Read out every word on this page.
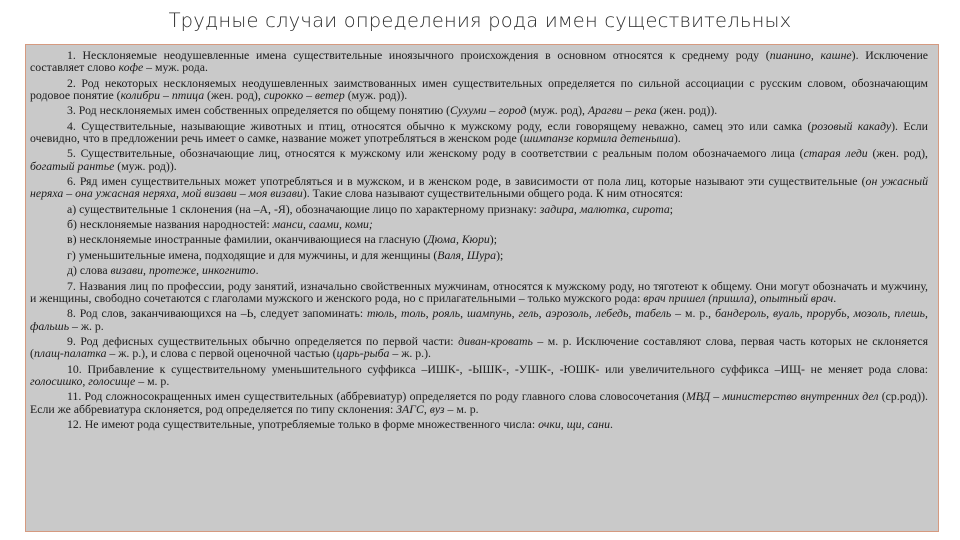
Трудные случаи определения рода имен существительных

1. Несклоняемые неодушевленные имена существительные иноязычного происхождения в основном относятся к среднему роду (пианино, кашне). Исключение составляет слово кофе – муж. рода.

2. Род некоторых несклоняемых неодушевленных заимствованных имен существительных определяется по сильной ассоциации с русским словом, обозначающим родовое понятие (колибри – птица (жен. род), сирокко – ветер (муж. род)).

3. Род несклоняемых имен собственных определяется по общему понятию (Сухуми – город (муж. род), Арагви – река (жен. род)).

4. Существительные, называющие животных и птиц, относятся обычно к мужскому роду, если говорящему неважно, самец это или самка (розовый какаду). Если очевидно, что в предложении речь имеет о самке, название может употребляться в женском роде (шимпанзе кормила детеныша).

5. Существительные, обозначающие лиц, относятся к мужскому или женскому роду в соответствии с реальным полом обозначаемого лица (старая леди (жен. род), богатый рантье (муж. род)).

6. Ряд имен существительных может употребляться и в мужском, и в женском роде, в зависимости от пола лиц, которые называют эти существительные (он ужасный неряха – она ужасная неряха, мой визави – моя визави). Такие слова называют существительными общего рода. К ним относятся:

а) существительные 1 склонения (на –А, -Я), обозначающие лицо по характерному признаку: задира, малютка, сирота;

б) несклоняемые названия народностей: манси, саами, коми;

в) несклоняемые иностранные фамилии, оканчивающиеся на гласную (Дюма, Кюри);

г) уменьшительные имена, подходящие и для мужчины, и для женщины (Валя, Шура);

д) слова визави, протеже, инкогнито.

7. Названия лиц по профессии, роду занятий, изначально свойственных мужчинам, относятся к мужскому роду, но тяготеют к общему. Они могут обозначать и мужчину, и женщины, свободно сочетаются с глаголами мужского и женского рода, но с прилагательными – только мужского рода: врач пришел (пришла), опытный врач.

8. Род слов, заканчивающихся на –Ь, следует запоминать: тюль, толь, рояль, шампунь, гель, аэрозоль, лебедь, табель – м. р., бандероль, вуаль, прорубь, мозоль, плешь, фальшь – ж. р.

9. Род дефисных существительных обычно определяется по первой части: диван-кровать – м. р. Исключение составляют слова, первая часть которых не склоняется (плащ-палатка – ж. р.), и слова с первой оценочной частью (царь-рыба – ж. р.).

10. Прибавление к существительному уменьшительного суффикса –ИШК-, -ЫШК-, -УШК-, -ЮШК- или увеличительного суффикса –ИЩ- не меняет рода слова: голосишко, голосище – м. р.

11. Род сложносокращенных имен существительных (аббревиатур) определяется по роду главного слова словосочетания (МВД – министерство внутренних дел (ср.род)). Если же аббревиатура склоняется, род определяется по типу склонения: ЗАГС, вуз – м. р.

12. Не имеют рода существительные, употребляемые только в форме множественного числа: очки, щи, сани.
